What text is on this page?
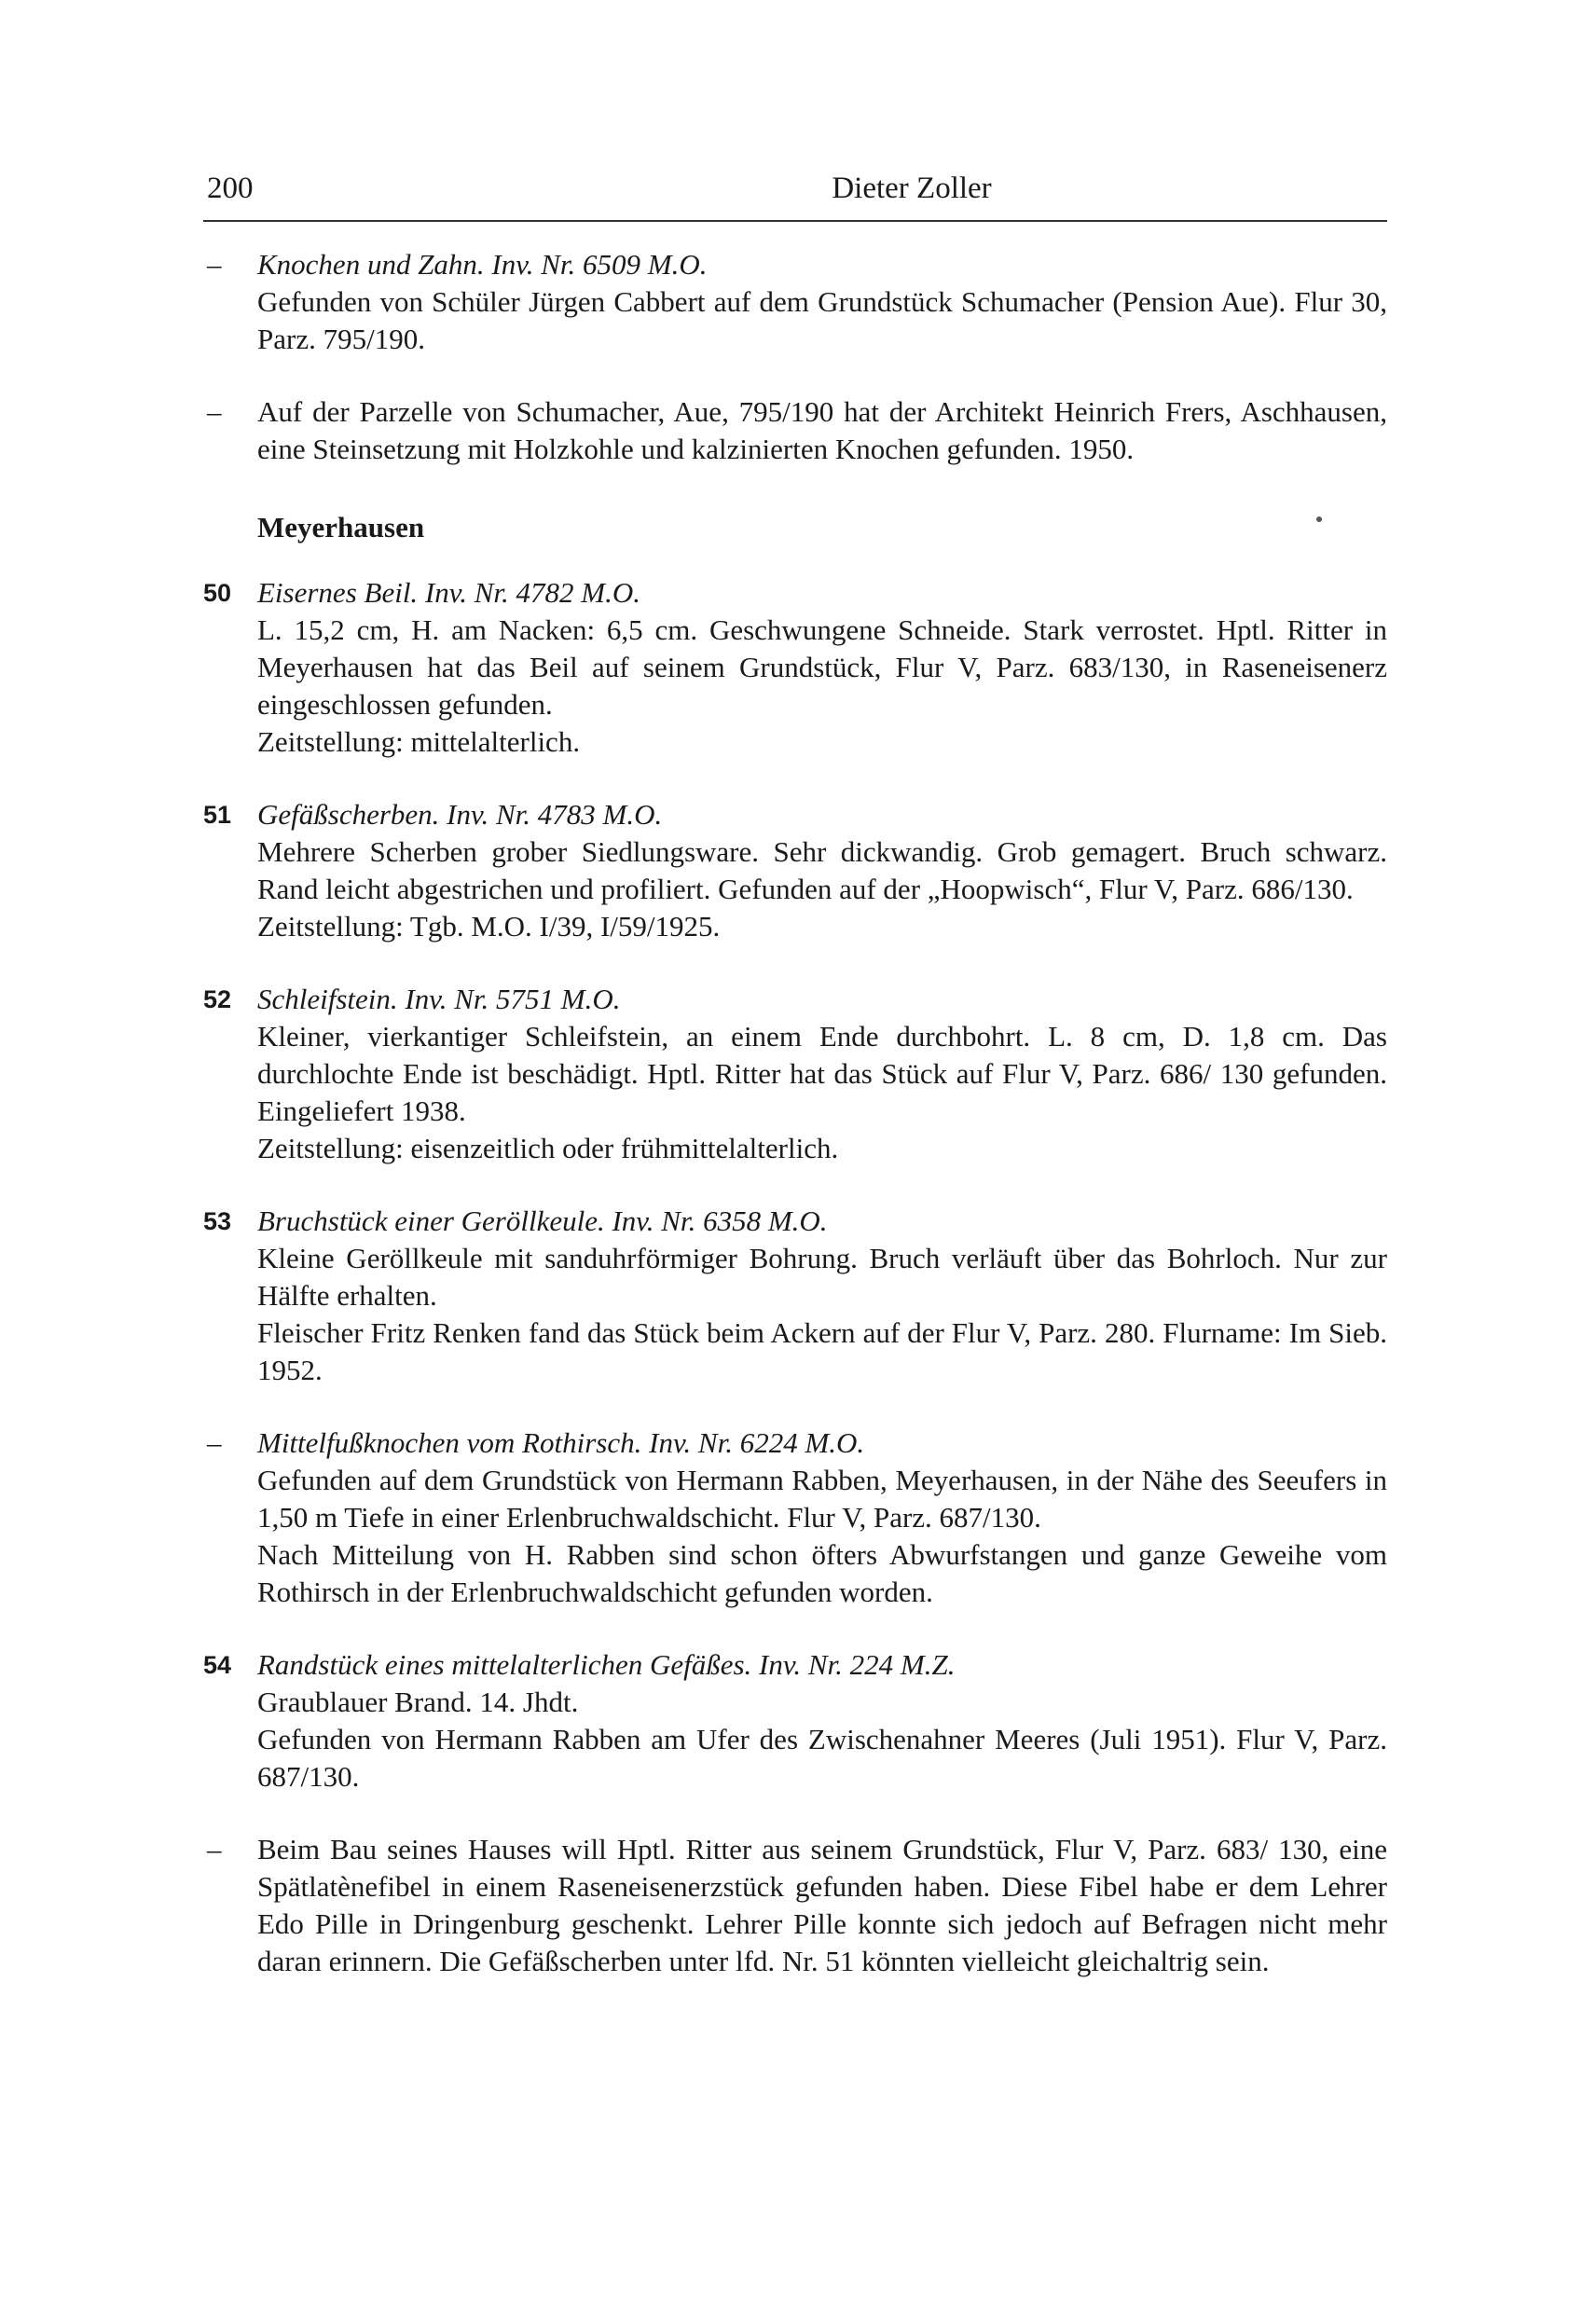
200	Dieter Zoller
–	Knochen und Zahn. Inv. Nr. 6509 M.O.
Gefunden von Schüler Jürgen Cabbert auf dem Grundstück Schumacher (Pension Aue). Flur 30, Parz. 795/190.
–	Auf der Parzelle von Schumacher, Aue, 795/190 hat der Architekt Heinrich Frers, Aschhausen, eine Steinsetzung mit Holzkohle und kalzinierten Knochen gefunden. 1950.
Meyerhausen
50 Eisernes Beil. Inv. Nr. 4782 M.O.
L. 15,2 cm, H. am Nacken: 6,5 cm. Geschwungene Schneide. Stark verrostet. Hptl. Ritter in Meyerhausen hat das Beil auf seinem Grundstück, Flur V, Parz. 683/130, in Raseneisenerz eingeschlossen gefunden.
Zeitstellung: mittelalterlich.
51 Gefäßscherben. Inv. Nr. 4783 M.O.
Mehrere Scherben grober Siedlungsware. Sehr dickwandig. Grob gemagert. Bruch schwarz. Rand leicht abgestrichen und profiliert. Gefunden auf der „Hoopwisch“, Flur V, Parz. 686/130.
Zeitstellung: Tgb. M.O. I/39, I/59/1925.
52 Schleifstein. Inv. Nr. 5751 M.O.
Kleiner, vierkantiger Schleifstein, an einem Ende durchbohrt. L. 8 cm, D. 1,8 cm. Das durchlochte Ende ist beschädigt. Hptl. Ritter hat das Stück auf Flur V, Parz. 686/ 130 gefunden. Eingeliefert 1938.
Zeitstellung: eisenzeitlich oder frühmittelalterlich.
53 Bruchstück einer Geröllkeule. Inv. Nr. 6358 M.O.
Kleine Geröllkeule mit sanduhrförmiger Bohrung. Bruch verläuft über das Bohrloch. Nur zur Hälfte erhalten.
Fleischer Fritz Renken fand das Stück beim Ackern auf der Flur V, Parz. 280. Flurname: Im Sieb. 1952.
–	Mittelfußknochen vom Rothirsch. Inv. Nr. 6224 M.O.
Gefunden auf dem Grundstück von Hermann Rabben, Meyerhausen, in der Nähe des Seeufers in 1,50 m Tiefe in einer Erlenbruchwaldschicht. Flur V, Parz. 687/130.
Nach Mitteilung von H. Rabben sind schon öfters Abwurfstangen und ganze Geweihe vom Rothirsch in der Erlenbruchwaldschicht gefunden worden.
54 Randstück eines mittelalterlichen Gefäßes. Inv. Nr. 224 M.Z.
Graublauer Brand. 14. Jhdt.
Gefunden von Hermann Rabben am Ufer des Zwischenahner Meeres (Juli 1951). Flur V, Parz. 687/130.
–	Beim Bau seines Hauses will Hptl. Ritter aus seinem Grundstück, Flur V, Parz. 683/ 130, eine Spätlatènefibel in einem Raseneisenerzstück gefunden haben. Diese Fibel habe er dem Lehrer Edo Pille in Dringenburg geschenkt. Lehrer Pille konnte sich jedoch auf Befragen nicht mehr daran erinnern. Die Gefäßscherben unter lfd. Nr. 51 könnten vielleicht gleichaltrig sein.
